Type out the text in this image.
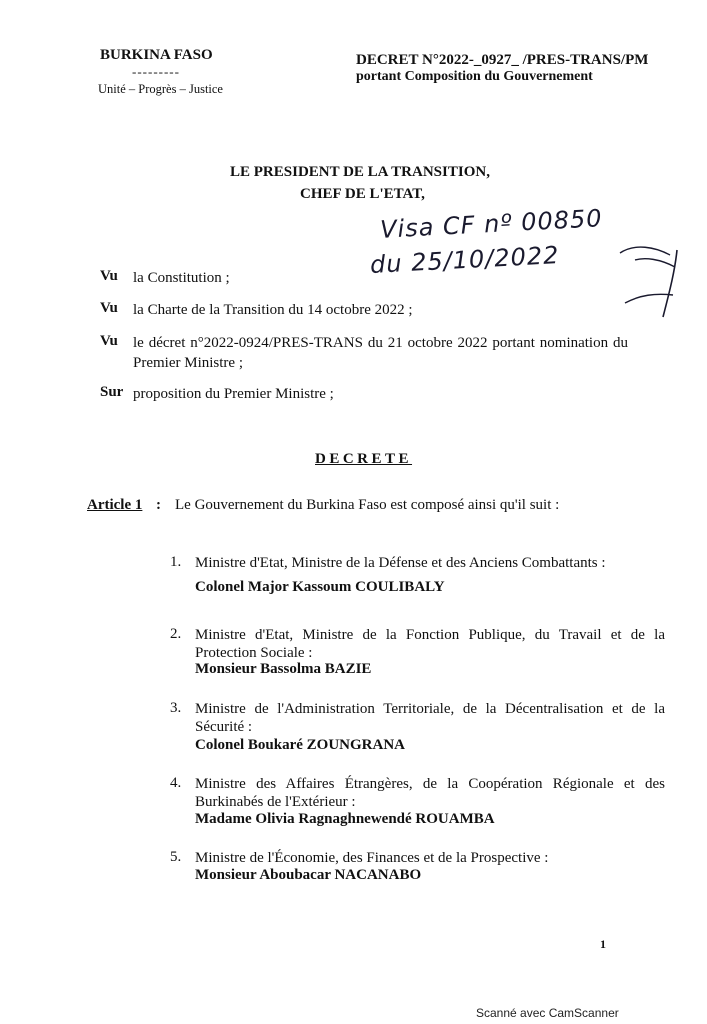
BURKINA FASO
---------
Unité – Progrès – Justice
DECRET N°2022-_0927_ /PRES-TRANS/PM
portant Composition du Gouvernement
LE PRESIDENT DE LA TRANSITION,
CHEF DE L'ETAT,
Visa CF nº 00850
du 25/10/2022
Vu la Constitution ;
Vu la Charte de la Transition du 14 octobre 2022 ;
Vu le décret n°2022-0924/PRES-TRANS du 21 octobre 2022 portant nomination du Premier Ministre ;
Sur proposition du Premier Ministre ;
DECRETE
Article 1 : Le Gouvernement du Burkina Faso est composé ainsi qu'il suit :
1. Ministre d'Etat, Ministre de la Défense et des Anciens Combattants :
Colonel Major Kassoum COULIBALY
2. Ministre d'Etat, Ministre de la Fonction Publique, du Travail et de la Protection Sociale :
Monsieur Bassolma BAZIE
3. Ministre de l'Administration Territoriale, de la Décentralisation et de la Sécurité :
Colonel Boukaré ZOUNGRANA
4. Ministre des Affaires Étrangères, de la Coopération Régionale et des Burkinabés de l'Extérieur :
Madame Olivia Ragnaghnewendé ROUAMBA
5. Ministre de l'Économie, des Finances et de la Prospective :
Monsieur Aboubacar NACANABO
1
Scanné avec CamScanner
